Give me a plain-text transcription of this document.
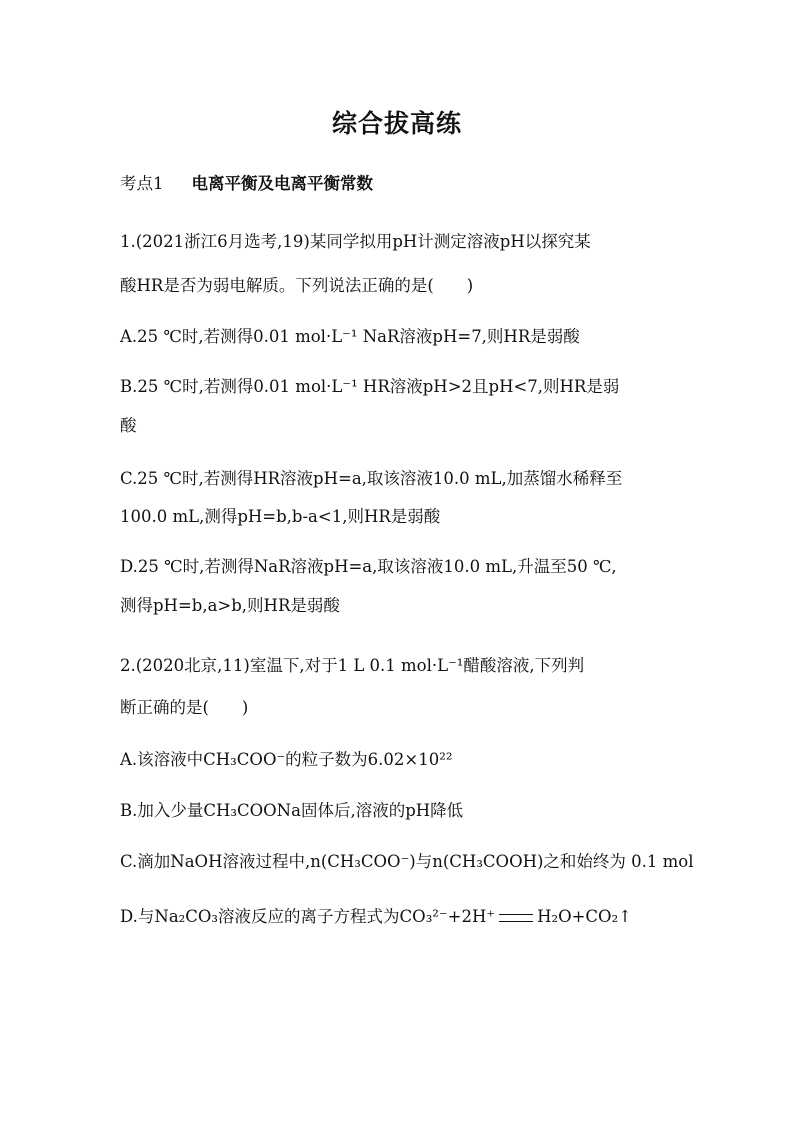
综合拔高练
考点1 电离平衡及电离平衡常数
1.(2021浙江6月选考,19)某同学拟用pH计测定溶液pH以探究某
酸HR是否为弱电解质。下列说法正确的是(　　)
A.25 ℃时,若测得0.01 mol·L⁻¹ NaR溶液pH=7,则HR是弱酸
B.25 ℃时,若测得0.01 mol·L⁻¹ HR溶液pH>2且pH<7,则HR是弱
酸
C.25 ℃时,若测得HR溶液pH=a,取该溶液10.0 mL,加蒸馏水稀释至
100.0 mL,测得pH=b,b-a<1,则HR是弱酸
D.25 ℃时,若测得NaR溶液pH=a,取该溶液10.0 mL,升温至50 ℃,
测得pH=b,a>b,则HR是弱酸
2.(2020北京,11)室温下,对于1 L 0.1 mol·L⁻¹醋酸溶液,下列判
断正确的是(　　)
A.该溶液中CH₃COO⁻的粒子数为6.02×10²²
B.加入少量CH₃COONa固体后,溶液的pH降低
C.滴加NaOH溶液过程中,n(CH₃COO⁻)与n(CH₃COOH)之和始终为 0.1 mol
D.与Na₂CO₃溶液反应的离子方程式为CO₃²⁻+2H⁺	H₂O+CO₂↑
